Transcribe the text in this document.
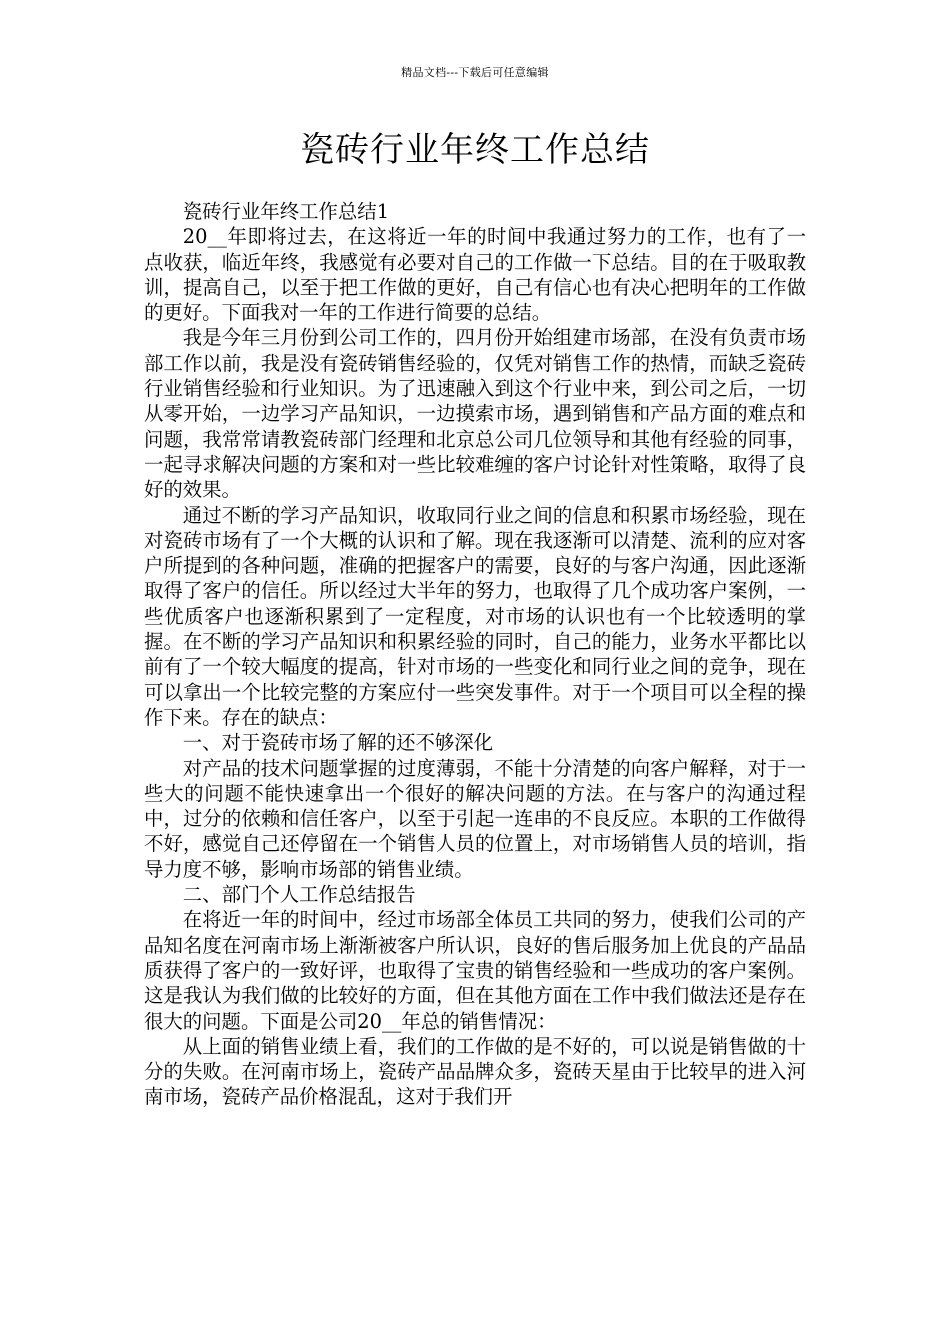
精品文档---下载后可任意编辑
瓷砖行业年终工作总结

瓷砖行业年终工作总结1

20__年即将过去，在这将近一年的时间中我通过努力的工作，也有了一点收获，临近年终，我感觉有必要对自己的工作做一下总结。目的在于吸取教训，提高自己，以至于把工作做的更好，自己有信心也有决心把明年的工作做的更好。下面我对一年的工作进行简要的总结。

我是今年三月份到公司工作的，四月份开始组建市场部，在没有负责市场部工作以前，我是没有瓷砖销售经验的，仅凭对销售工作的热情，而缺乏瓷砖行业销售经验和行业知识。为了迅速融入到这个行业中来，到公司之后，一切从零开始，一边学习产品知识，一边摸索市场，遇到销售和产品方面的难点和问题，我常常请教瓷砖部门经理和北京总公司几位领导和其他有经验的同事，一起寻求解决问题的方案和对一些比较难缠的客户讨论针对性策略，取得了良好的效果。

通过不断的学习产品知识，收取同行业之间的信息和积累市场经验，现在对瓷砖市场有了一个大概的认识和了解。现在我逐渐可以清楚、流利的应对客户所提到的各种问题，准确的把握客户的需要，良好的与客户沟通，因此逐渐取得了客户的信任。所以经过大半年的努力，也取得了几个成功客户案例，一些优质客户也逐渐积累到了一定程度，对市场的认识也有一个比较透明的掌握。在不断的学习产品知识和积累经验的同时，自己的能力，业务水平都比以前有了一个较大幅度的提高，针对市场的一些变化和同行业之间的竞争，现在可以拿出一个比较完整的方案应付一些突发事件。对于一个项目可以全程的操作下来。存在的缺点：

一、对于瓷砖市场了解的还不够深化

对产品的技术问题掌握的过度薄弱，不能十分清楚的向客户解释，对于一些大的问题不能快速拿出一个很好的解决问题的方法。在与客户的沟通过程中，过分的依赖和信任客户，以至于引起一连串的不良反应。本职的工作做得不好，感觉自己还停留在一个销售人员的位置上，对市场销售人员的培训，指导力度不够，影响市场部的销售业绩。

二、部门个人工作总结报告

在将近一年的时间中，经过市场部全体员工共同的努力，使我们公司的产品知名度在河南市场上渐渐被客户所认识，良好的售后服务加上优良的产品品质获得了客户的一致好评，也取得了宝贵的销售经验和一些成功的客户案例。这是我认为我们做的比较好的方面，但在其他方面在工作中我们做法还是存在很大的问题。下面是公司20__年总的销售情况：

从上面的销售业绩上看，我们的工作做的是不好的，可以说是销售做的十分的失败。在河南市场上，瓷砖产品品牌众多，瓷砖天星由于比较早的进入河南市场，瓷砖产品价格混乱，这对于我们开
